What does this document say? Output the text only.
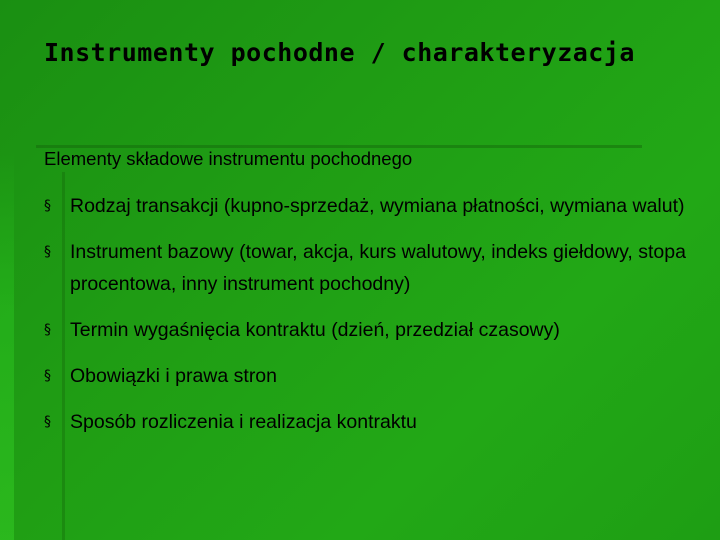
Instrumenty pochodne / charakteryzacja
Elementy składowe instrumentu pochodnego
§ Rodzaj transakcji (kupno-sprzedaż, wymiana płatności, wymiana walut)
§ Instrument bazowy (towar, akcja, kurs walutowy, indeks giełdowy, stopa procentowa, inny instrument pochodny)
§ Termin wygaśnięcia kontraktu (dzień, przedział czasowy)
§ Obowiązki i prawa stron
§ Sposób rozliczenia i realizacja kontraktu
